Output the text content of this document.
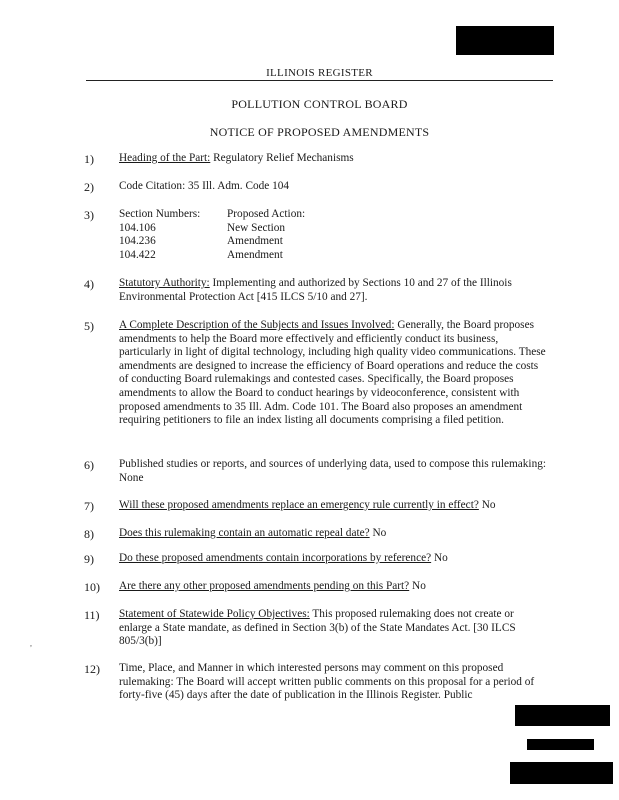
ILLINOIS REGISTER
POLLUTION CONTROL BOARD
NOTICE OF PROPOSED AMENDMENTS
1)	Heading of the Part: Regulatory Relief Mechanisms
2)	Code Citation: 35 Ill. Adm. Code 104
3)	Section Numbers:	Proposed Action:
104.106	New Section
104.236	Amendment
104.422	Amendment
4)	Statutory Authority: Implementing and authorized by Sections 10 and 27 of the Illinois Environmental Protection Act [415 ILCS 5/10 and 27].
5)	A Complete Description of the Subjects and Issues Involved: Generally, the Board proposes amendments to help the Board more effectively and efficiently conduct its business, particularly in light of digital technology, including high quality video communications. These amendments are designed to increase the efficiency of Board operations and reduce the costs of conducting Board rulemakings and contested cases. Specifically, the Board proposes amendments to allow the Board to conduct hearings by videoconference, consistent with proposed amendments to 35 Ill. Adm. Code 101. The Board also proposes an amendment requiring petitioners to file an index listing all documents comprising a filed petition.
6)	Published studies or reports, and sources of underlying data, used to compose this rulemaking: None
7)	Will these proposed amendments replace an emergency rule currently in effect? No
8)	Does this rulemaking contain an automatic repeal date? No
9)	Do these proposed amendments contain incorporations by reference? No
10)	Are there any other proposed amendments pending on this Part? No
11)	Statement of Statewide Policy Objectives: This proposed rulemaking does not create or enlarge a State mandate, as defined in Section 3(b) of the State Mandates Act. [30 ILCS 805/3(b)]
12)	Time, Place, and Manner in which interested persons may comment on this proposed rulemaking: The Board will accept written public comments on this proposal for a period of forty-five (45) days after the date of publication in the Illinois Register. Public
,
